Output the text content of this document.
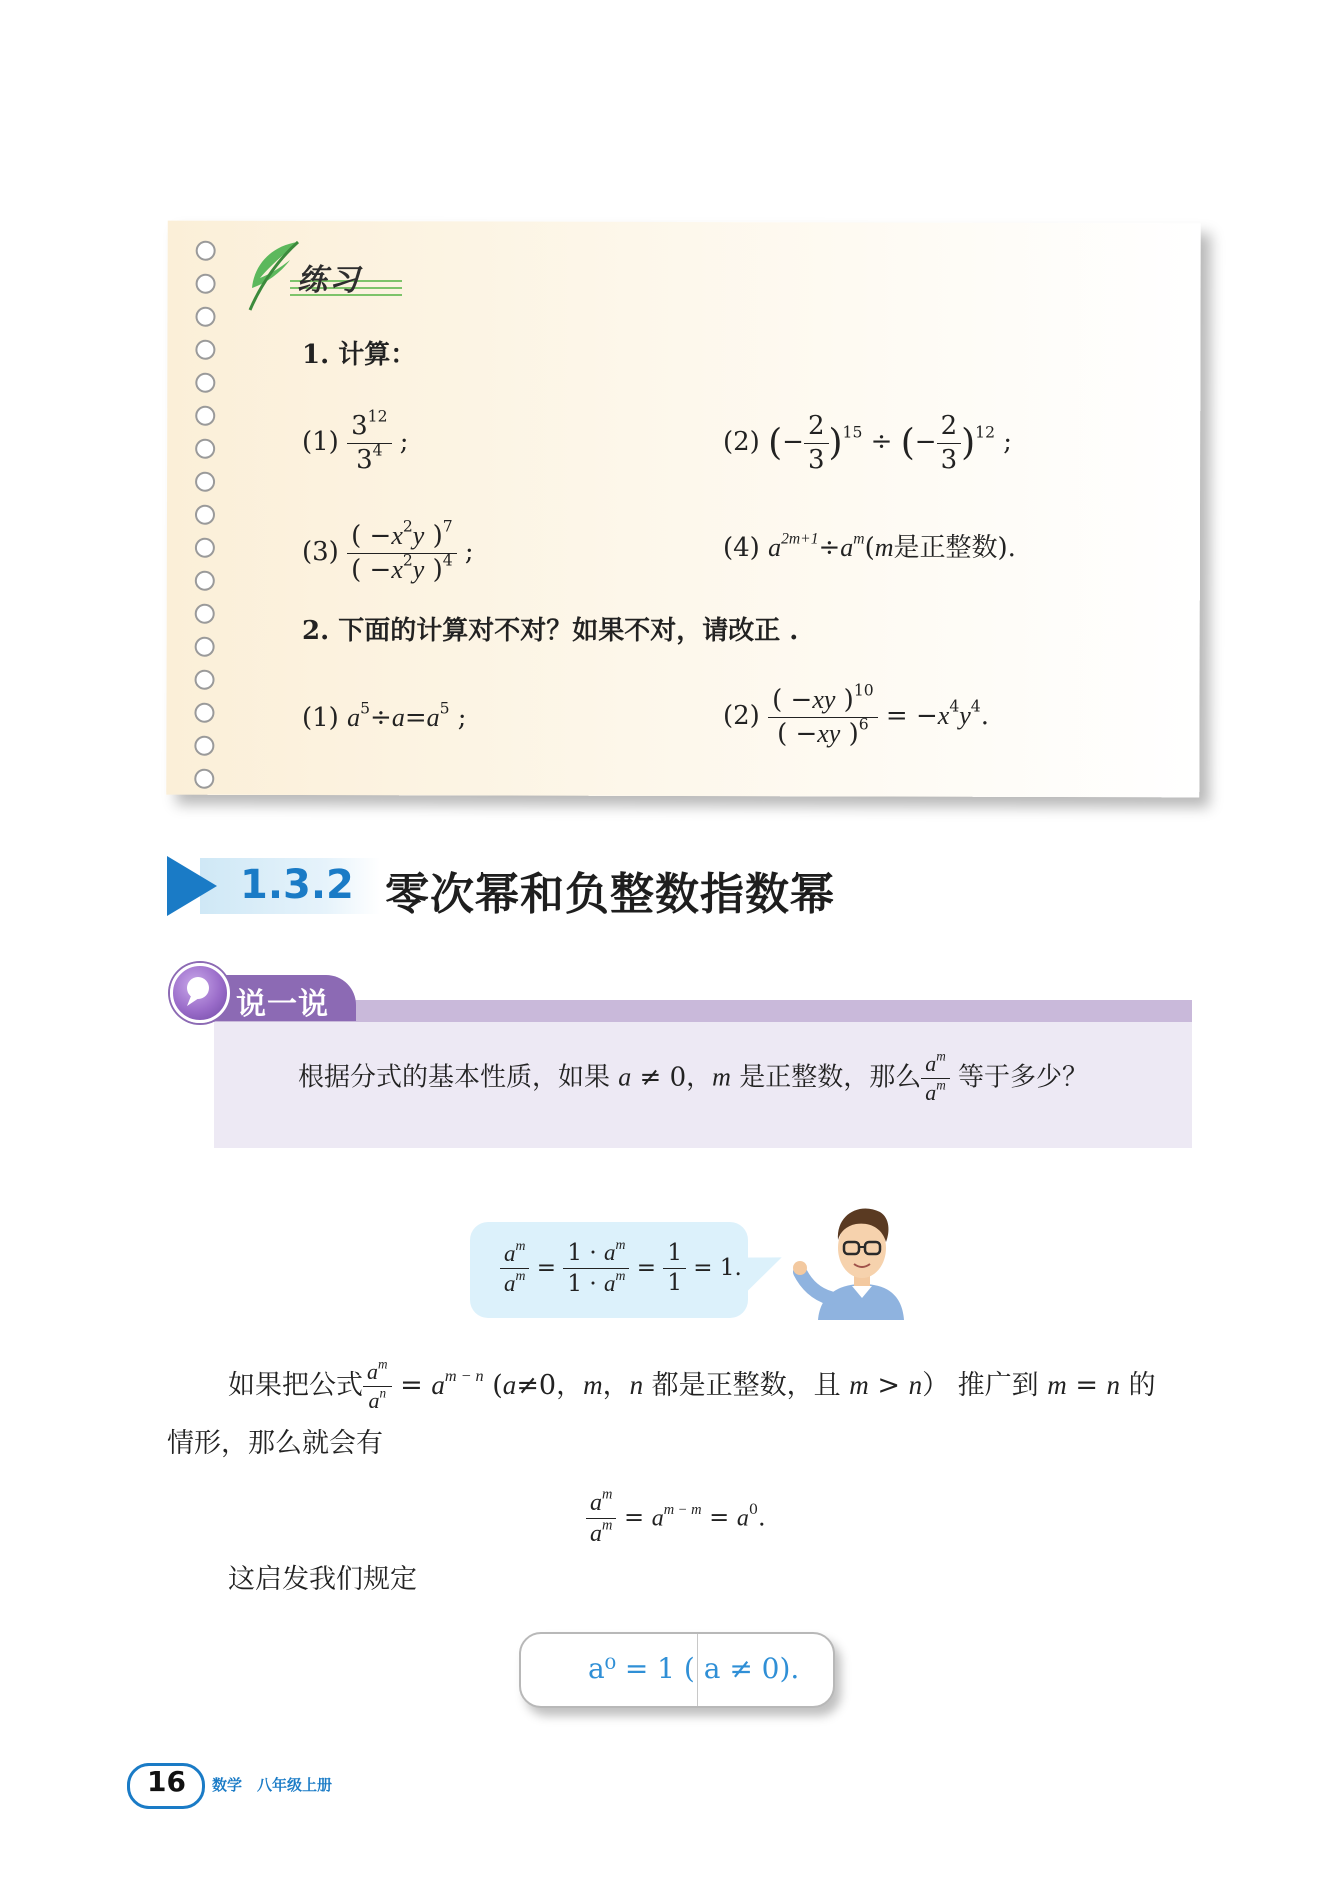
练习
1. 计算：
$(1) \frac{3^{12}}{3^4}$ ;	(2) (− $\frac{2}{3} )^{15}$ ÷ (− $\frac{2}{3} )^{12}$ ;
$(3) \frac{( -x^2y )^7}{( -x^2y )^4}$ ;	(4) $a^{2m+1}\div a^m(m$是正整数).
2. 下面的计算对不对？如果不对，请改正 .
(1) $a^5\div a=a^5$ ;	$(2) \frac{( -xy )^{10}}{( -xy )^6} = -x^4y^4$.
1.3.2 零次幂和负整数指数幂
说一说
根据分式的基本性质，如果 a ≠ 0，m 是正整数，那么 $\frac{a^m}{a^m}$ 等于多少？
$\frac{a^m}{a^m} = \frac{1 \cdot a^m}{1 \cdot a^m} = \frac{1}{1} = 1$.
如果把公式 $\frac{a^m}{a^n} = a^{m - n}$ (a≠0，m，n 都是正整数，且 m > n） 推广到 m = n 的
情形，那么就会有
$\frac{a^m}{a^m} = a^{m - m} = a^0$.
这启发我们规定
a⁰ = 1 ( a ≠ 0).
16 数学　八年级上册
